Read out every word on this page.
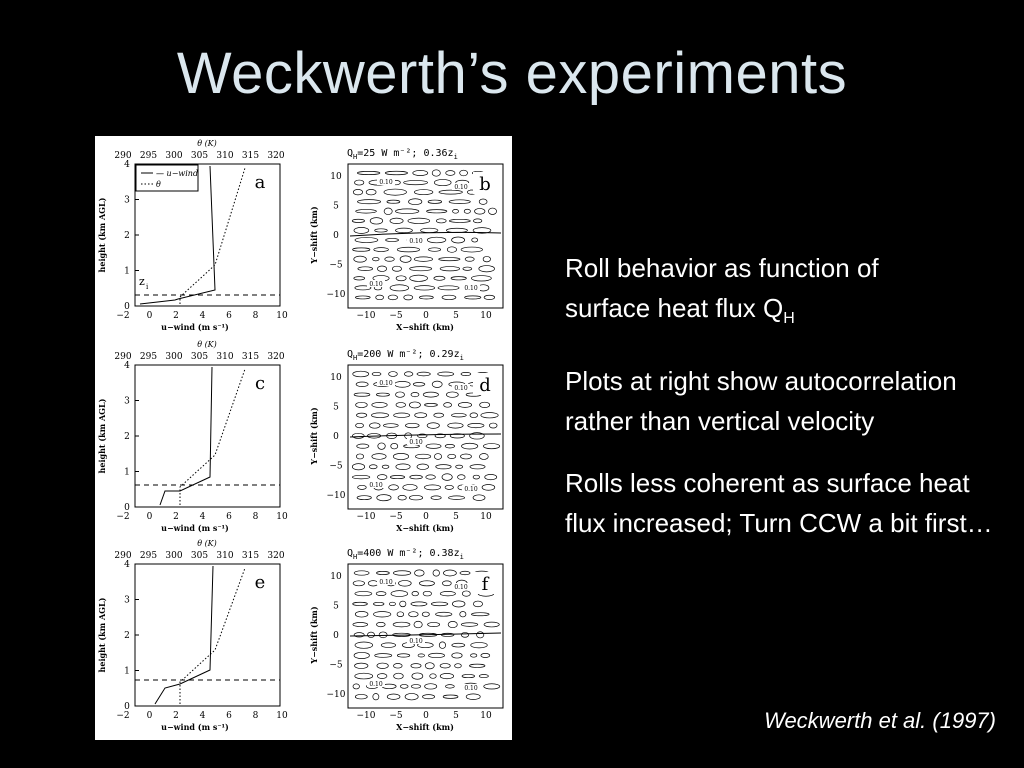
Weckwerth’s experiments
θ (K)
290 295 300 305 310 315 320
0
1
2
3
4
−2 0 2 4 6 8 10
u−wind (m s⁻¹)
height (km AGL)
a
— u−wind
θ
z i
$Q_H=25$ W m⁻²; $0.36z_i$
10
5
0
−5
−10
−10 −5 0	5 10
X−shift (km)
Y−shift (km)
0.10
0.10
0.10
0.10
0.10
b
θ (K)
290 295 300 305 310 315 320
0
1
2
3
4
−2 0 2 4 6 8 10
u−wind (m s⁻¹)
height (km AGL)
c
$Q_H=200$ W m⁻²; $0.29z_i$
10
5
0
−5
−10
−10 −5 0	5 10
X−shift (km)
Y−shift (km)
0.10
0.10
0.10
0.10
0.10
d
θ (K)
290 295 300 305 310 315 320
0
1
2
3
4
−2 0 2 4 6 8 10
u−wind (m s⁻¹)
height (km AGL)
e
$Q_H=400$ W m⁻²; $0.38z_i$
10
5
0
−5
−10
−10 −5 0	5 10
X−shift (km)
Y−shift (km)
0.10
0.10
0.10
0.10
0.10
f
Roll behavior as function of
surface heat flux $Q_H$
Plots at right show autocorrelation rather than vertical velocity
Rolls less coherent as surface heat flux increased; Turn CCW a bit first…
Weckwerth et al. (1997)
